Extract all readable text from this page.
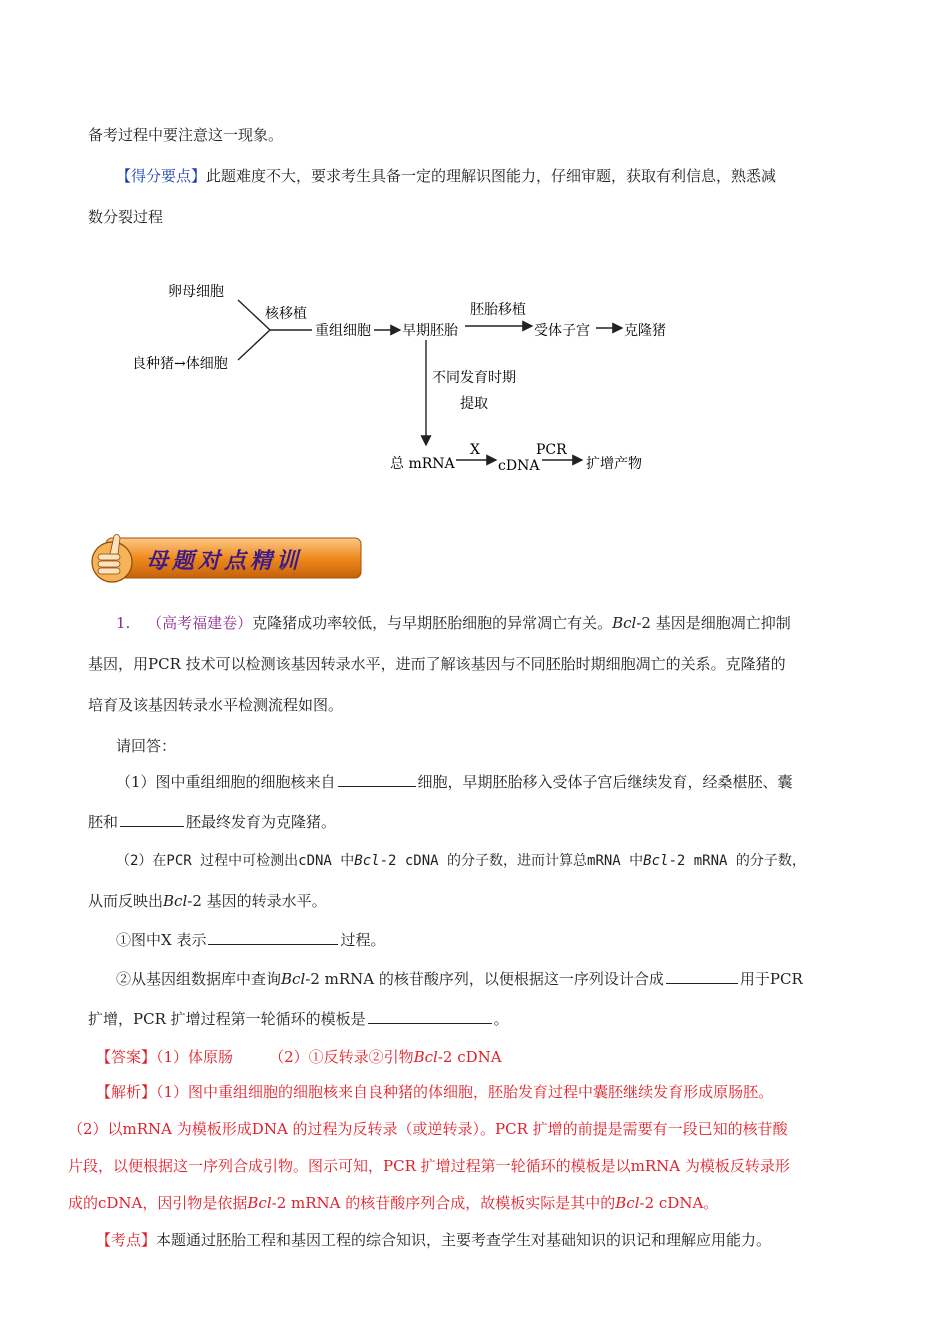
备考过程中要注意这一现象。
【得分要点】此题难度不大，要求考生具备一定的理解识图能力，仔细审题，获取有利信息，熟悉减
数分裂过程
卵母细胞
良种猪→体细胞
核移植
重组细胞 早期胚胎
胚胎移植
受体子宫 克隆猪
不同发育时期
提取
总 mRNA
X
cDNA
PCR
扩增产物
母题对点精训
1. （高考福建卷）克隆猪成功率较低，与早期胚胎细胞的异常凋亡有关。Bcl-2 基因是细胞凋亡抑制
基因，用PCR 技术可以检测该基因转录水平，进而了解该基因与不同胚胎时期细胞凋亡的关系。克隆猪的
培育及该基因转录水平检测流程如图。
请回答：
（1）图中重组细胞的细胞核来自	细胞，早期胚胎移入受体子宫后继续发育，经桑椹胚、囊
胚和	胚最终发育为克隆猪。
（2）在PCR 过程中可检测出cDNA 中Bcl-2 cDNA 的分子数，进而计算总mRNA 中Bcl-2 mRNA 的分子数，
从而反映出Bcl-2 基因的转录水平。
①图中X 表示	过程。
②从基因组数据库中查询Bcl-2 mRNA 的核苷酸序列，以便根据这一序列设计合成	用于PCR
扩增，PCR 扩增过程第一轮循环的模板是	。
【答案】（1）体原肠 （2）①反转录②引物Bcl-2 cDNA
【解析】（1）图中重组细胞的细胞核来自良种猪的体细胞，胚胎发育过程中囊胚继续发育形成原肠胚。
（2）以mRNA 为模板形成DNA 的过程为反转录（或逆转录）。PCR 扩增的前提是需要有一段已知的核苷酸
片段，以便根据这一序列合成引物。图示可知，PCR 扩增过程第一轮循环的模板是以mRNA 为模板反转录形
成的cDNA，因引物是依据Bcl-2 mRNA 的核苷酸序列合成，故模板实际是其中的Bcl-2 cDNA。
【考点】本题通过胚胎工程和基因工程的综合知识，主要考查学生对基础知识的识记和理解应用能力。
